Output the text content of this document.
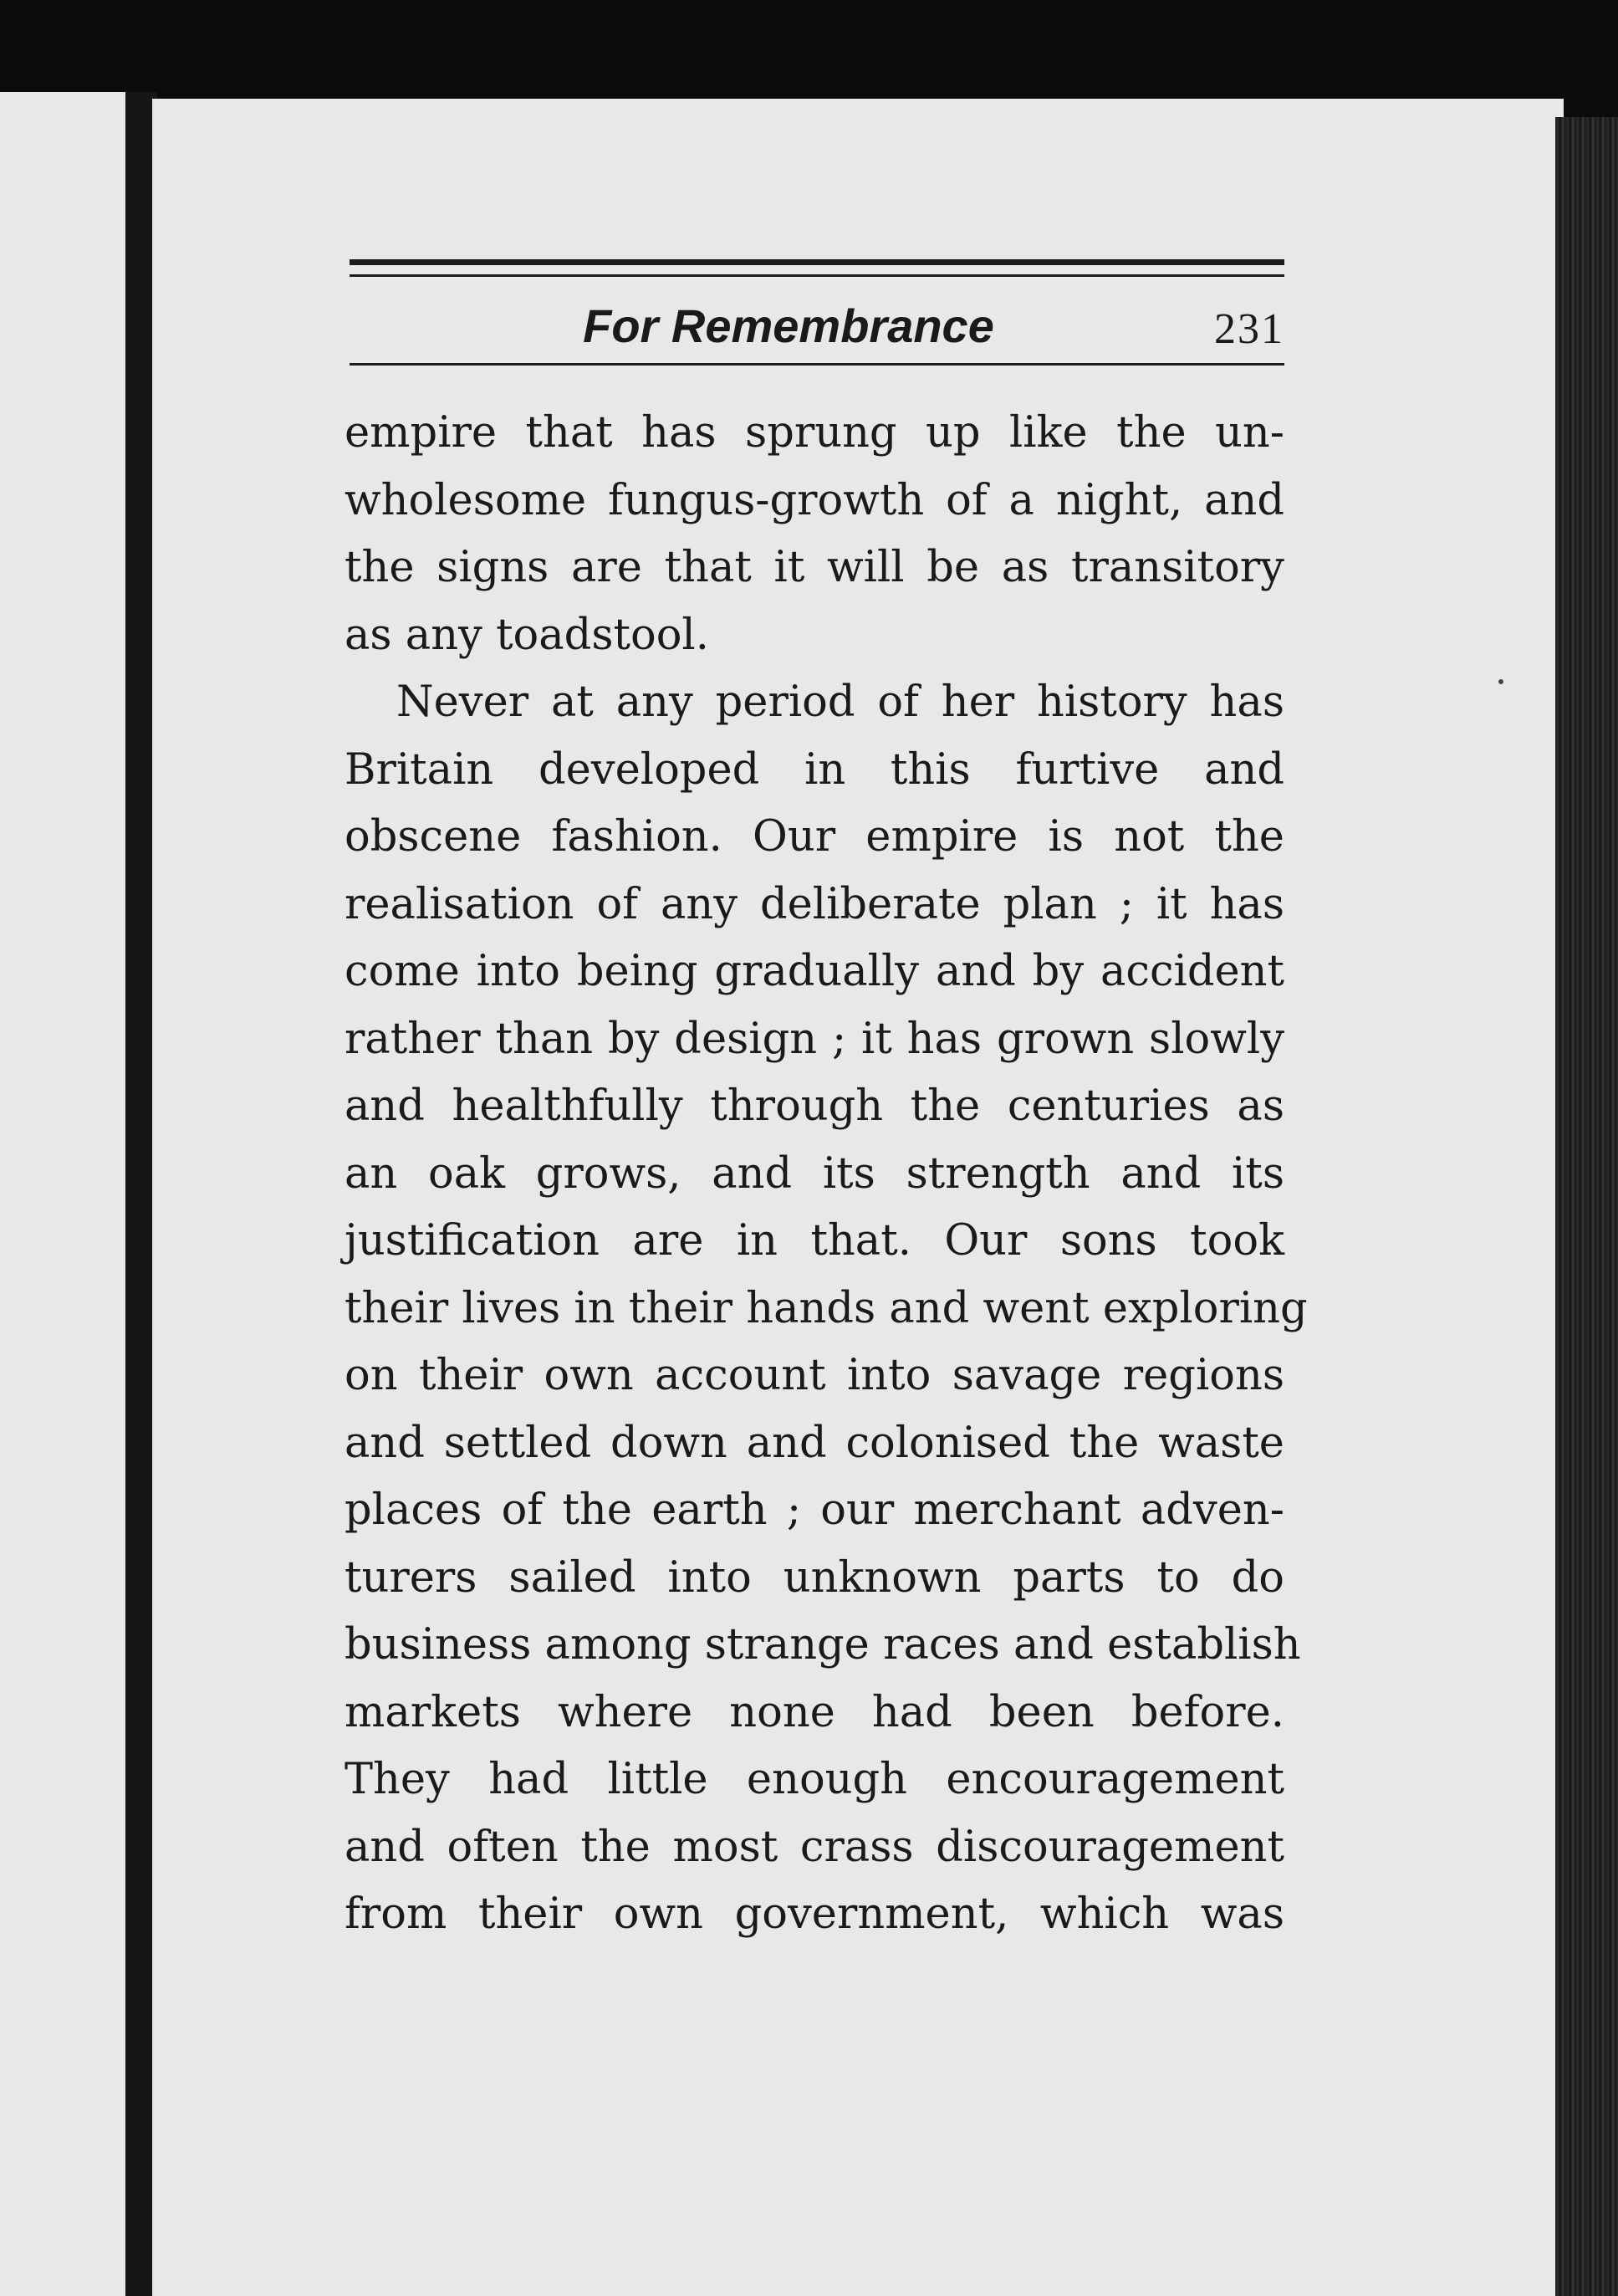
For Remembrance	231
empire that has sprung up like the un-
wholesome fungus-growth of a night, and
the signs are that it will be as transitory
as any toadstool.
Never at any period of her history has
Britain developed in this furtive and
obscene fashion. Our empire is not the
realisation of any deliberate plan ; it has
come into being gradually and by accident
rather than by design ; it has grown slowly
and healthfully through the centuries as
an oak grows, and its strength and its
justification are in that. Our sons took
their lives in their hands and went exploring
on their own account into savage regions
and settled down and colonised the waste
places of the earth ; our merchant adven-
turers sailed into unknown parts to do
business among strange races and establish
markets where none had been before.
They had little enough encouragement
and often the most crass discouragement
from their own government, which was
